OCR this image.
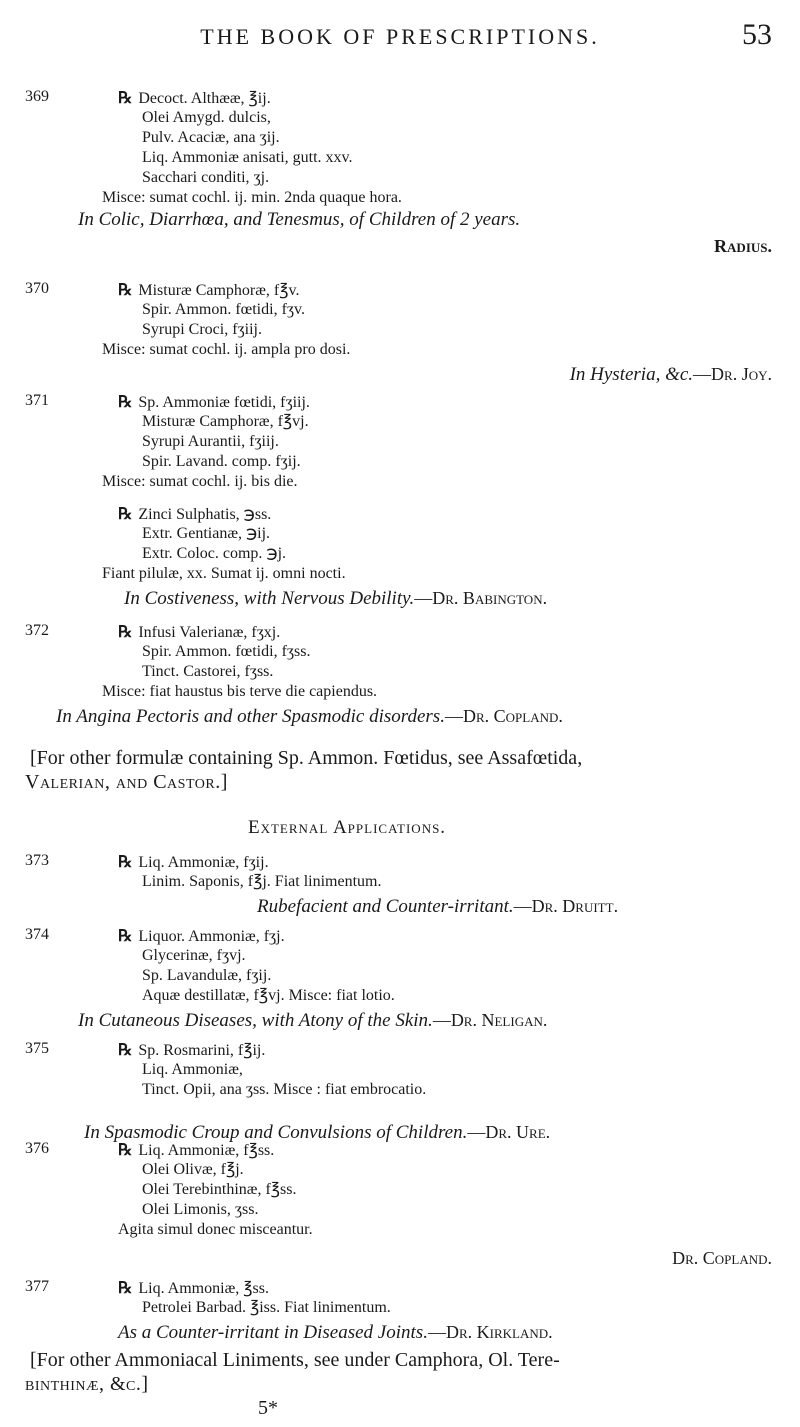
THE BOOK OF PRESCRIPTIONS.	53
369	℞ Decoct. Althææ, ℥ij.
Olei Amygd. dulcis,
Pulv. Acaciæ, ana ʒij.
Liq. Ammoniæ anisati, gutt. xxv.
Sacchari conditi, ʒj.
Misce: sumat cochl. ij. min. 2nda quaque hora.
In Colic, Diarrhœa, and Tenesmus, of Children of 2 years.
Radius.
370	℞ Misturæ Camphoræ, f℥v.
Spir. Ammon. fœtidi, fʒv.
Syrupi Croci, fʒiij.
Misce: sumat cochl. ij. ampla pro dosi.
In Hysteria, &c.—Dr. Joy.
371	℞ Sp. Ammoniæ fœtidi, fʒiij.
Misturæ Camphoræ, f℥vj.
Syrupi Aurantii, fʒiij.
Spir. Lavand. comp. fʒij.
Misce: sumat cochl. ij. bis die.
℞ Zinci Sulphatis, ℈ss.
Extr. Gentianæ, ℈ij.
Extr. Coloc. comp. ℈j.
Fiant pilulæ, xx. Sumat ij. omni nocti.
In Costiveness, with Nervous Debility.—Dr. Babington.
372	℞ Infusi Valerianæ, fʒxj.
Spir. Ammon. fœtidi, fʒss.
Tinct. Castorei, fʒss.
Misce: fiat haustus bis terve die capiendus.
In Angina Pectoris and other Spasmodic disorders.—Dr. Copland.
[For other formulæ containing Sp. Ammon. Fœtidus, see Assafœtida,
Valerian, and Castor.]
External Applications.
373	℞ Liq. Ammoniæ, fʒij.
Linim. Saponis, f℥j. Fiat linimentum.
Rubefacient and Counter-irritant.—Dr. Druitt.
374	℞ Liquor. Ammoniæ, fʒj.
Glycerinæ, fʒvj.
Sp. Lavandulæ, fʒij.
Aquæ destillatæ, f℥vj. Misce: fiat lotio.
In Cutaneous Diseases, with Atony of the Skin.—Dr. Neligan.
375	℞ Sp. Rosmarini, f℥ij.
Liq. Ammoniæ,
Tinct. Opii, ana ʒss. Misce : fiat embrocatio.
In Spasmodic Croup and Convulsions of Children.—Dr. Ure.
376	℞ Liq. Ammoniæ, f℥ss.
Olei Olivæ, f℥j.
Olei Terebinthinæ, f℥ss.
Olei Limonis, ʒss.
Agita simul donec misceantur.
Dr. Copland.
377	℞ Liq. Ammoniæ, ℥ss.
Petrolei Barbad. ℥iss. Fiat linimentum.
As a Counter-irritant in Diseased Joints.—Dr. Kirkland.
[For other Ammoniacal Liniments, see under Camphora, Ol. Tere-
binthinæ, &c.]
5*
